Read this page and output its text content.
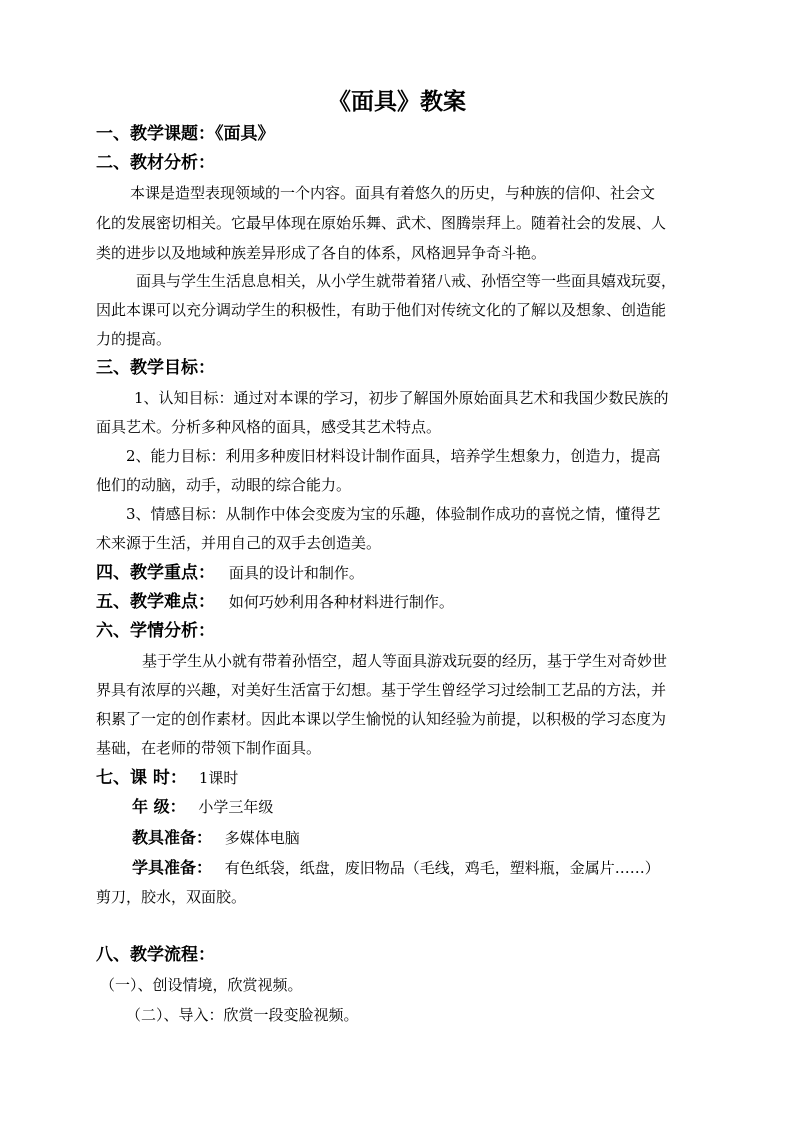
《面具》教案
一、教学课题：《面具》
二、教材分析：
本课是造型表现领域的一个内容。面具有着悠久的历史，与种族的信仰、社会文
化的发展密切相关。它最早体现在原始乐舞、武术、图腾崇拜上。随着社会的发展、人
类的进步以及地域种族差异形成了各自的体系，风格迥异争奇斗艳。
面具与学生生活息息相关，从小学生就带着猪八戒、孙悟空等一些面具嬉戏玩耍，
因此本课可以充分调动学生的积极性，有助于他们对传统文化的了解以及想象、创造能
力的提高。
三、教学目标：
1、认知目标：通过对本课的学习，初步了解国外原始面具艺术和我国少数民族的
面具艺术。分析多种风格的面具，感受其艺术特点。
2、能力目标：利用多种废旧材料设计制作面具，培养学生想象力，创造力，提高
他们的动脑，动手，动眼的综合能力。
3、情感目标：从制作中体会变废为宝的乐趣，体验制作成功的喜悦之情，懂得艺
术来源于生活，并用自己的双手去创造美。
四、教学重点： 面具的设计和制作。
五、教学难点： 如何巧妙利用各种材料进行制作。
六、学情分析：
基于学生从小就有带着孙悟空，超人等面具游戏玩耍的经历，基于学生对奇妙世
界具有浓厚的兴趣，对美好生活富于幻想。基于学生曾经学习过绘制工艺品的方法，并
积累了一定的创作素材。因此本课以学生愉悦的认知经验为前提，以积极的学习态度为
基础，在老师的带领下制作面具。
七、课 时： 1课时
年 级： 小学三年级
教具准备： 多媒体电脑
学具准备： 有色纸袋，纸盘，废旧物品（毛线，鸡毛，塑料瓶，金属片……）
剪刀，胶水，双面胶。
八、教学流程：
（一）、创设情境，欣赏视频。
（二）、导入：欣赏一段变脸视频。
